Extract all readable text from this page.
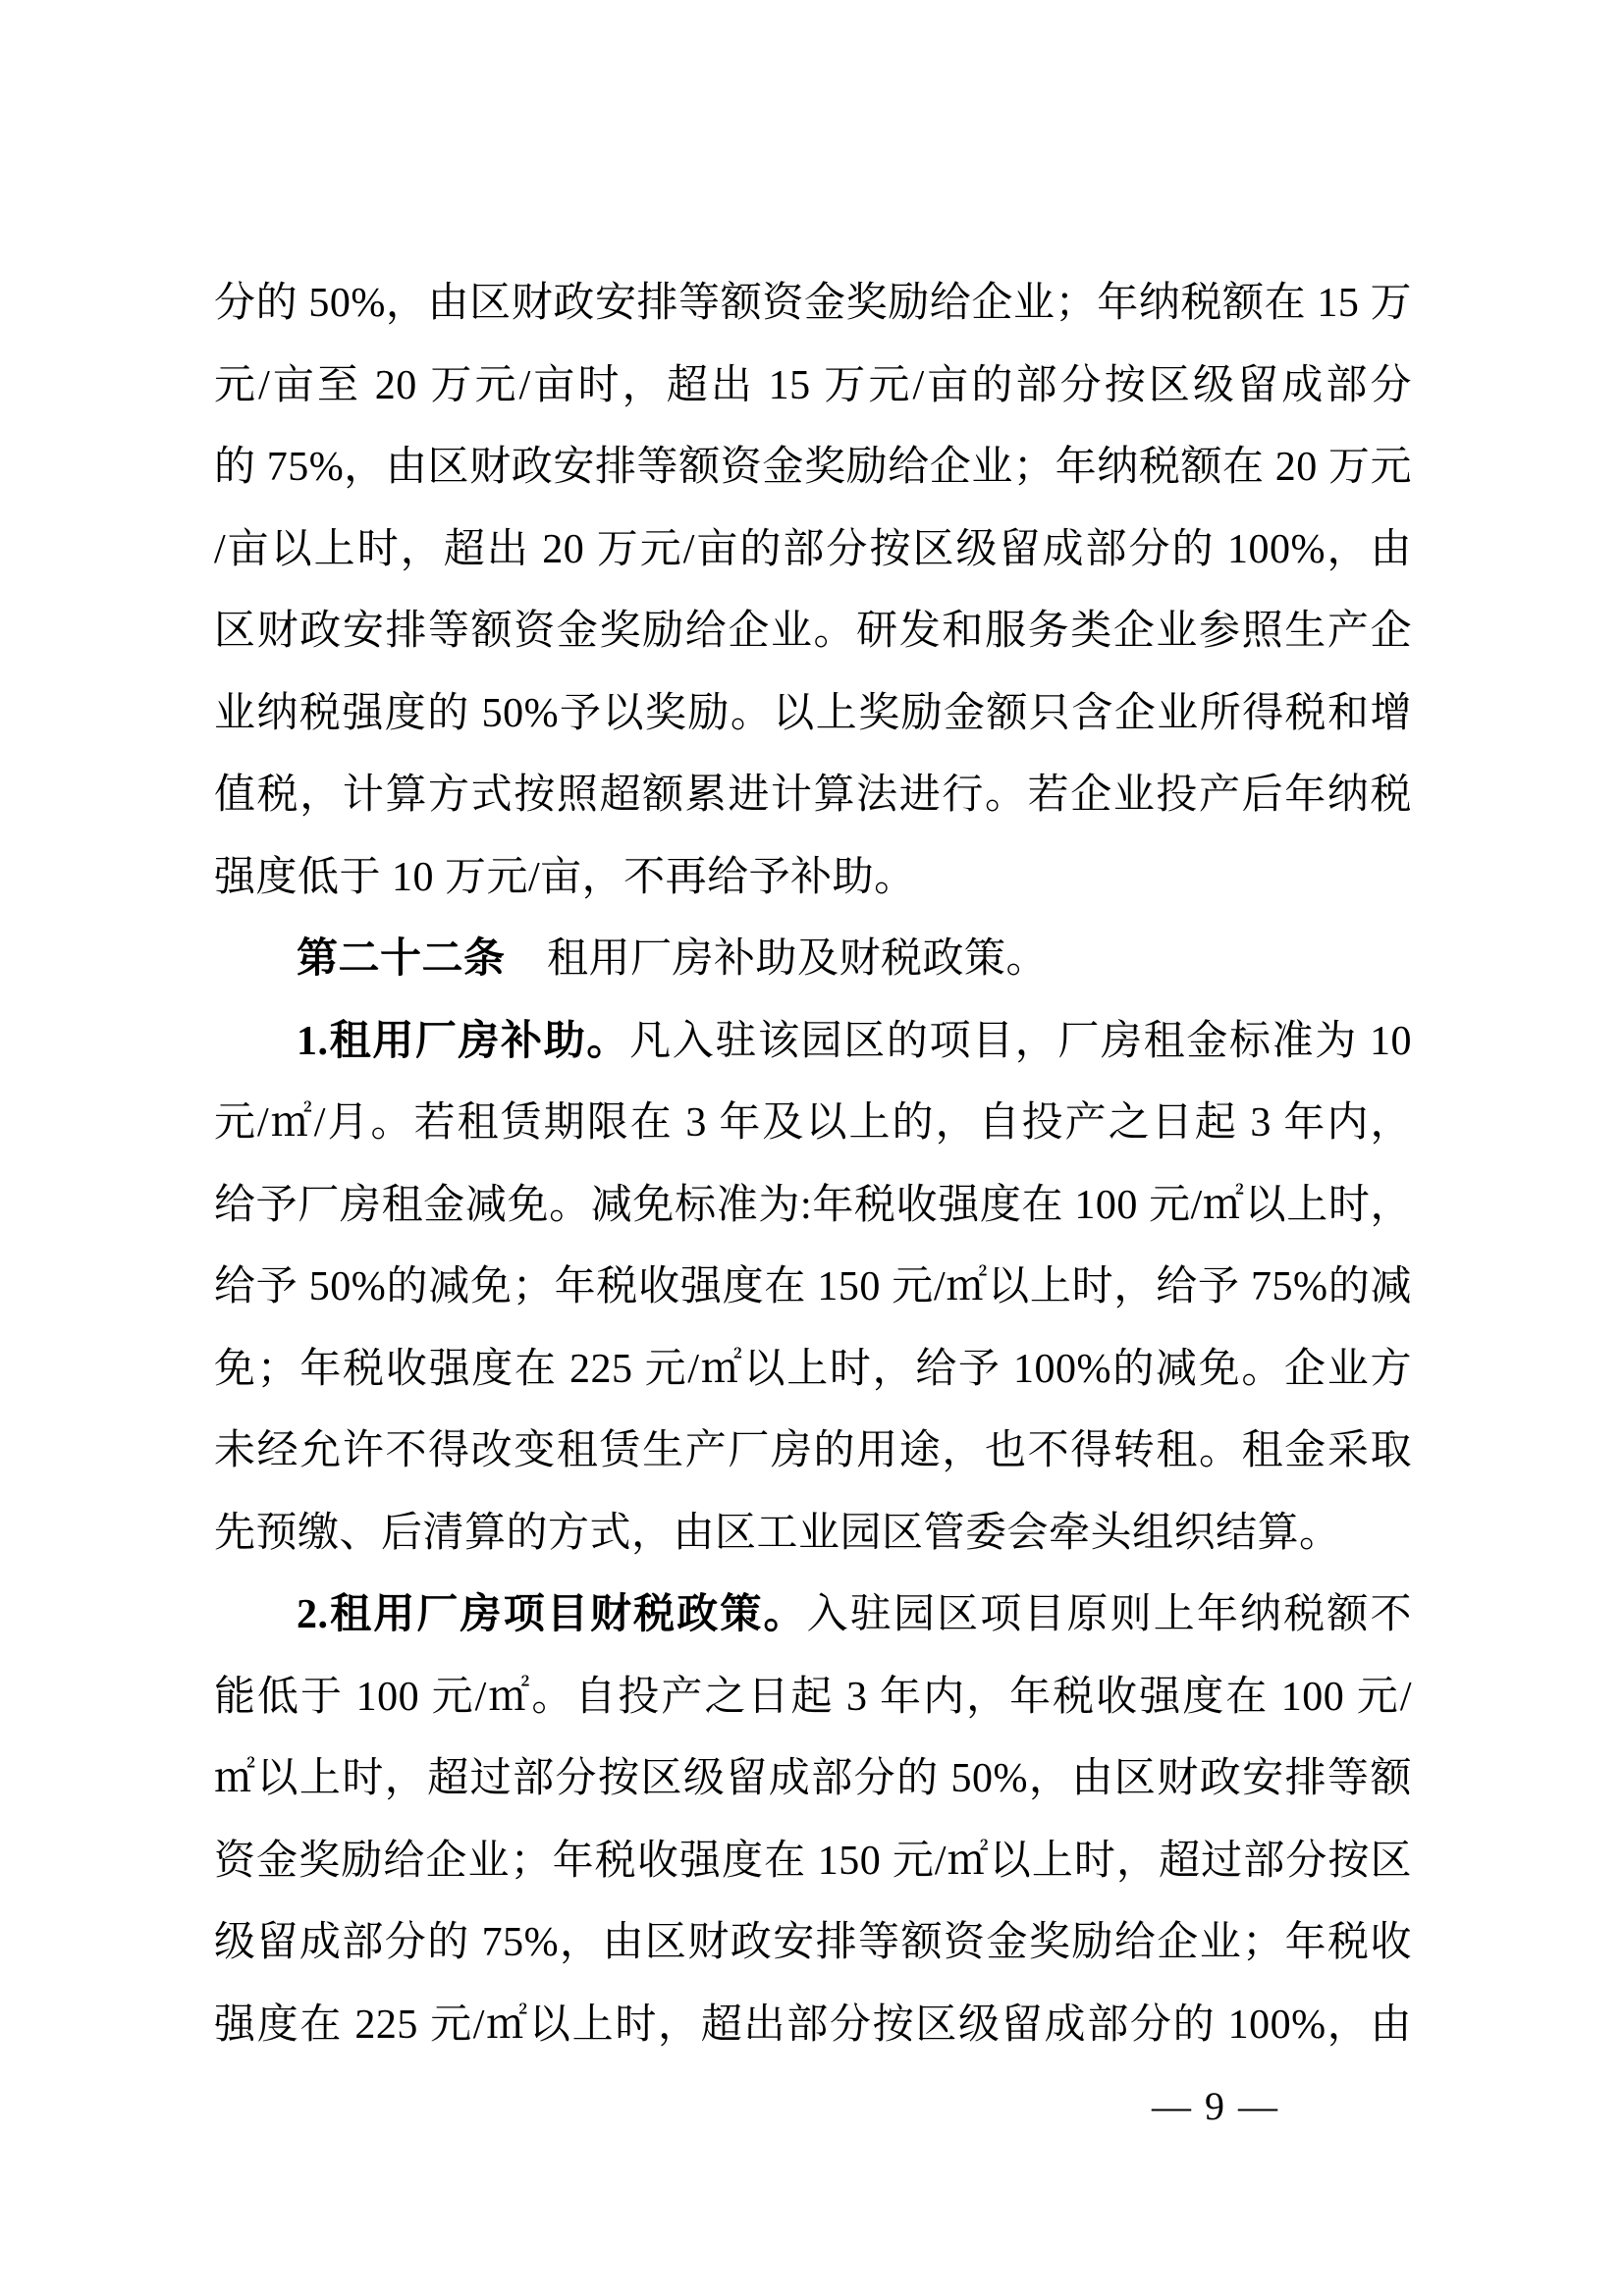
分的 50%，由区财政安排等额资金奖励给企业；年纳税额在 15 万
元/亩至 20 万元/亩时，超出 15 万元/亩的部分按区级留成部分
的 75%，由区财政安排等额资金奖励给企业；年纳税额在 20 万元
/亩以上时，超出 20 万元/亩的部分按区级留成部分的 100%，由
区财政安排等额资金奖励给企业。研发和服务类企业参照生产企
业纳税强度的 50%予以奖励。以上奖励金额只含企业所得税和增
值税，计算方式按照超额累进计算法进行。若企业投产后年纳税
强度低于 10 万元/亩，不再给予补助。
第二十二条　租用厂房补助及财税政策。
1.租用厂房补助。凡入驻该园区的项目，厂房租金标准为 10
元/㎡/月。若租赁期限在 3 年及以上的，自投产之日起 3 年内，
给予厂房租金减免。减免标准为:年税收强度在 100 元/㎡以上时，
给予 50%的减免；年税收强度在 150 元/㎡以上时，给予 75%的减
免；年税收强度在 225 元/㎡以上时，给予 100%的减免。企业方
未经允许不得改变租赁生产厂房的用途，也不得转租。租金采取
先预缴、后清算的方式，由区工业园区管委会牵头组织结算。
2.租用厂房项目财税政策。入驻园区项目原则上年纳税额不
能低于 100 元/㎡。自投产之日起 3 年内，年税收强度在 100 元/
㎡以上时，超过部分按区级留成部分的 50%，由区财政安排等额
资金奖励给企业；年税收强度在 150 元/㎡以上时，超过部分按区
级留成部分的 75%，由区财政安排等额资金奖励给企业；年税收
强度在 225 元/㎡以上时，超出部分按区级留成部分的 100%，由
— 9 —
